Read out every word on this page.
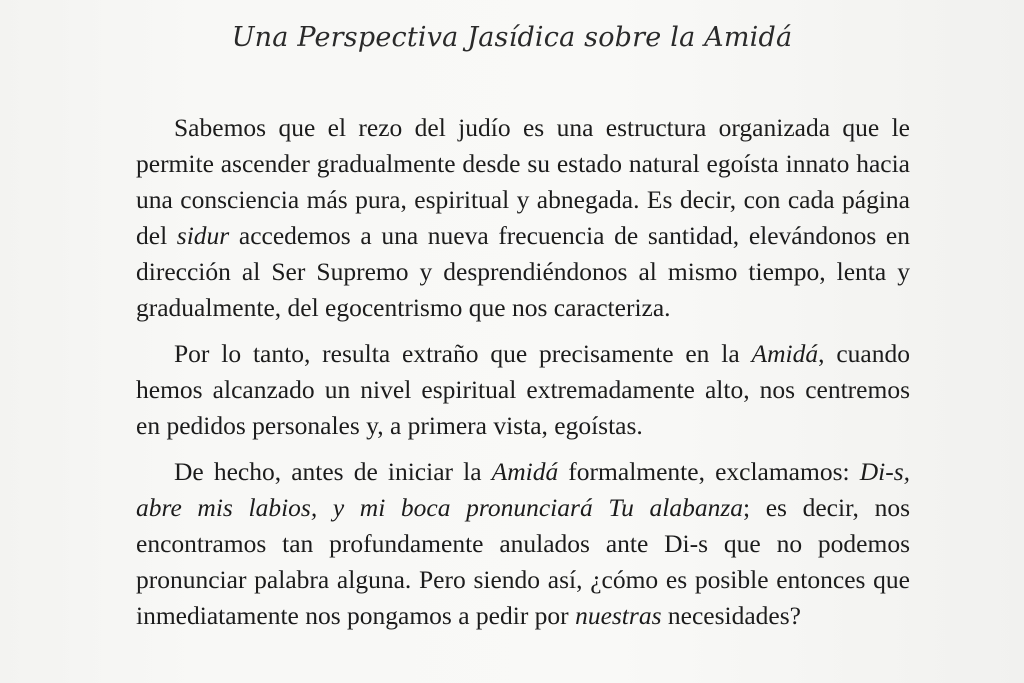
Una Perspectiva Jasídica sobre la Amidá

Sabemos que el rezo del judío es una estructura organizada que le permite ascender gradualmente desde su estado natural egoísta innato hacia una consciencia más pura, espiritual y abnegada. Es decir, con cada página del sidur accedemos a una nueva frecuencia de santidad, elevándonos en dirección al Ser Supremo y desprendiéndonos al mismo tiempo, lenta y gradualmente, del egocentrismo que nos caracteriza.

Por lo tanto, resulta extraño que precisamente en la Amidá, cuando hemos alcanzado un nivel espiritual extremadamente alto, nos centremos en pedidos personales y, a primera vista, egoístas.

De hecho, antes de iniciar la Amidá formalmente, exclamamos: Di-s, abre mis labios, y mi boca pronunciará Tu alabanza; es decir, nos encontramos tan profundamente anulados ante Di-s que no podemos pronunciar palabra alguna. Pero siendo así, ¿cómo es posible entonces que inmediatamente nos pongamos a pedir por nuestras necesidades?
